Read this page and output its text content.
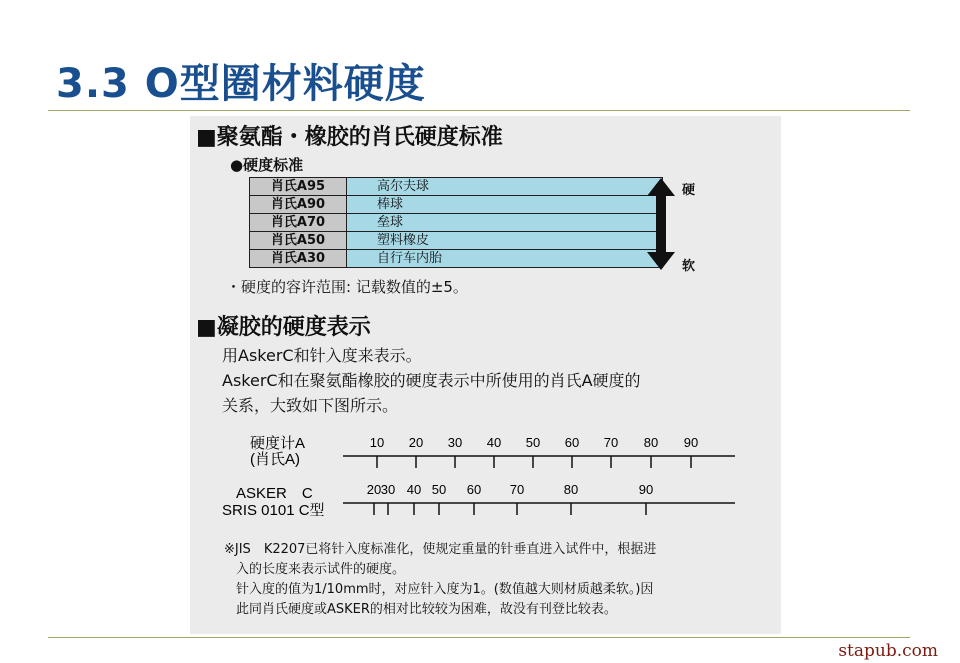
3.3 O型圈材料硬度
■聚氨酯・橡胶的肖氏硬度标准
●硬度标准
肖氏A95	高尔夫球
肖氏A90	棒球
肖氏A70	垒球
肖氏A50	塑料橡皮
肖氏A30	自行车内胎
硬
软
・硬度的容许范围: 记载数值的±5。
■凝胶的硬度表示
用AskerC和针入度来表示。
AskerC和在聚氨酯橡胶的硬度表示中所使用的肖氏A硬度的
关系，大致如下图所示。
硬度计A
(肖氏A)
10 20 30 40 50 60 70 80 90
ASKER　C
SRIS 0101 C型
20 30 40 50 60 70	80	90
※JIS　K2207已将针入度标准化，使规定重量的针垂直进入试件中，根据进
入的长度来表示试件的硬度。
针入度的值为1/10mm时，对应针入度为1。(数值越大则材质越柔软。)因
此同肖氏硬度或ASKER的相对比较较为困难，故没有刊登比较表。
stapub.com
